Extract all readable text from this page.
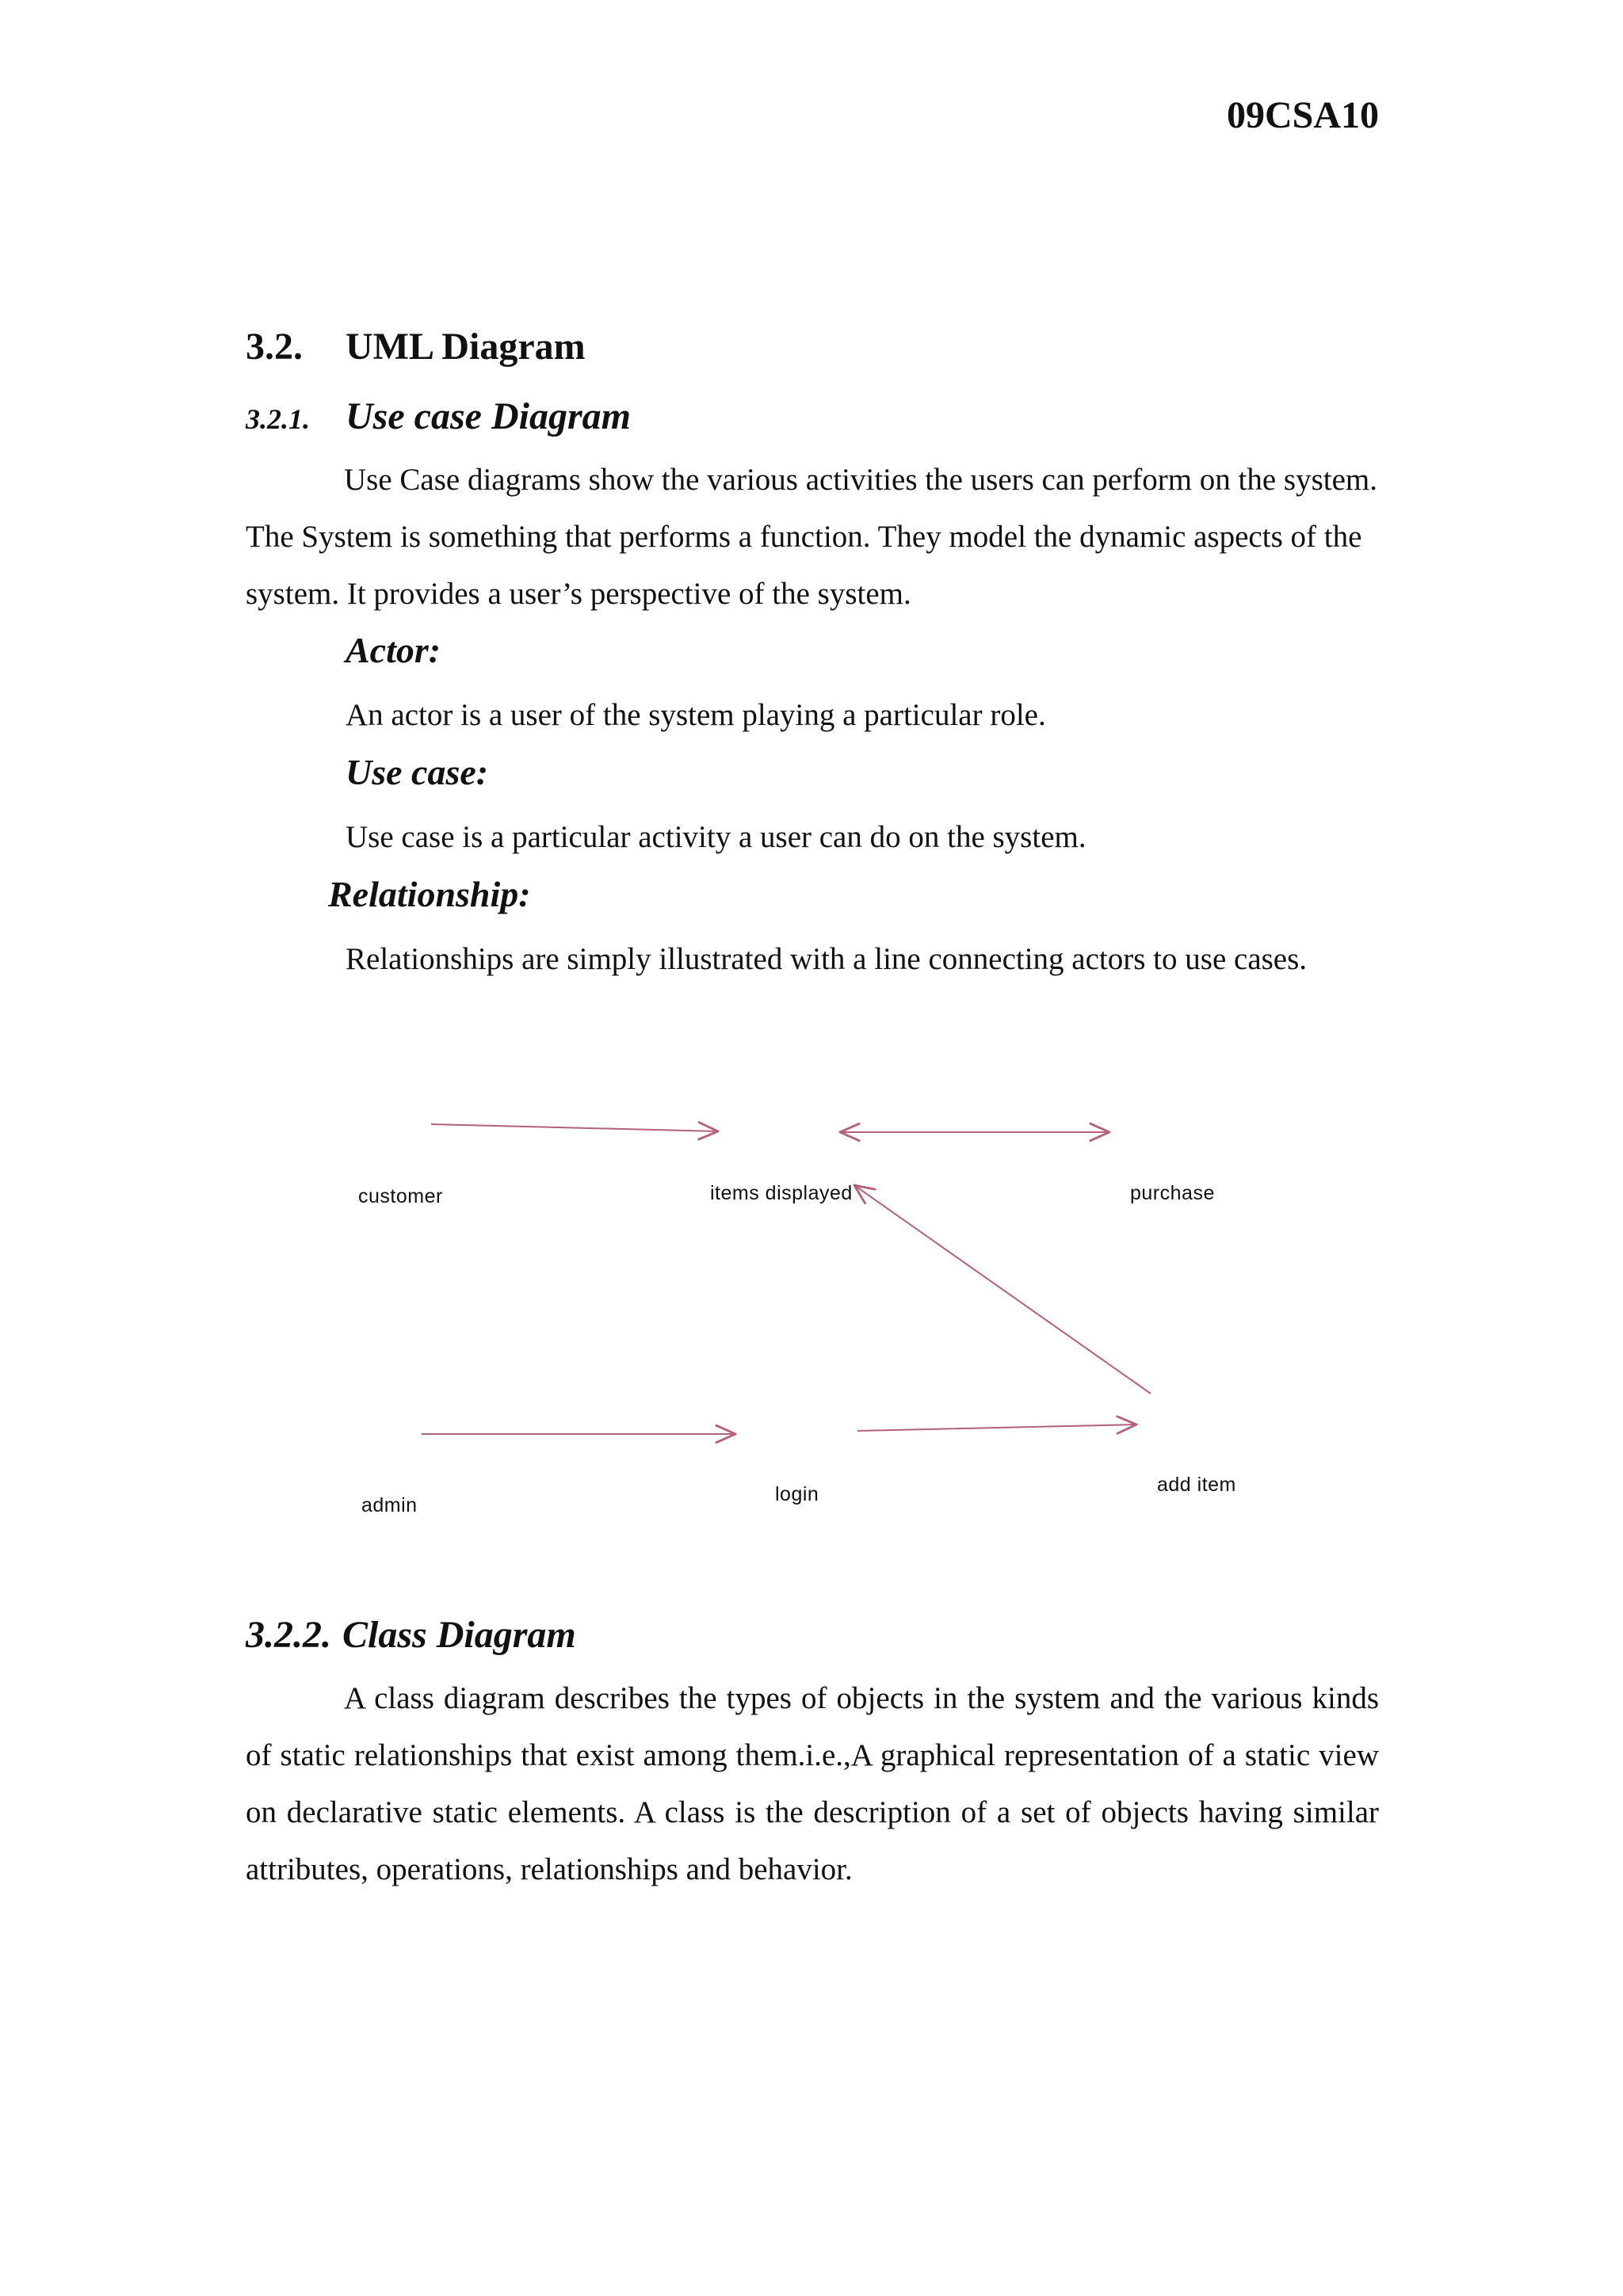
09CSA10

3.2. UML Diagram
3.2.1. Use case Diagram

Use Case diagrams show the various activities the users can perform on the system. The System is something that performs a function. They model the dynamic aspects of the system. It provides a user’s perspective of the system.

Actor:

An actor is a user of the system playing a particular role.

Use case:

Use case is a particular activity a user can do on the system.

Relationship:

Relationships are simply illustrated with a line connecting actors to use cases.

customer	items displayed	purchase

admin	login	add item

3.2.2. Class Diagram

A class diagram describes the types of objects in the system and the various kinds of static relationships that exist among them.i.e.,A graphical representation of a static view on declarative static elements. A class is the description of a set of objects having similar attributes, operations, relationships and behavior.
